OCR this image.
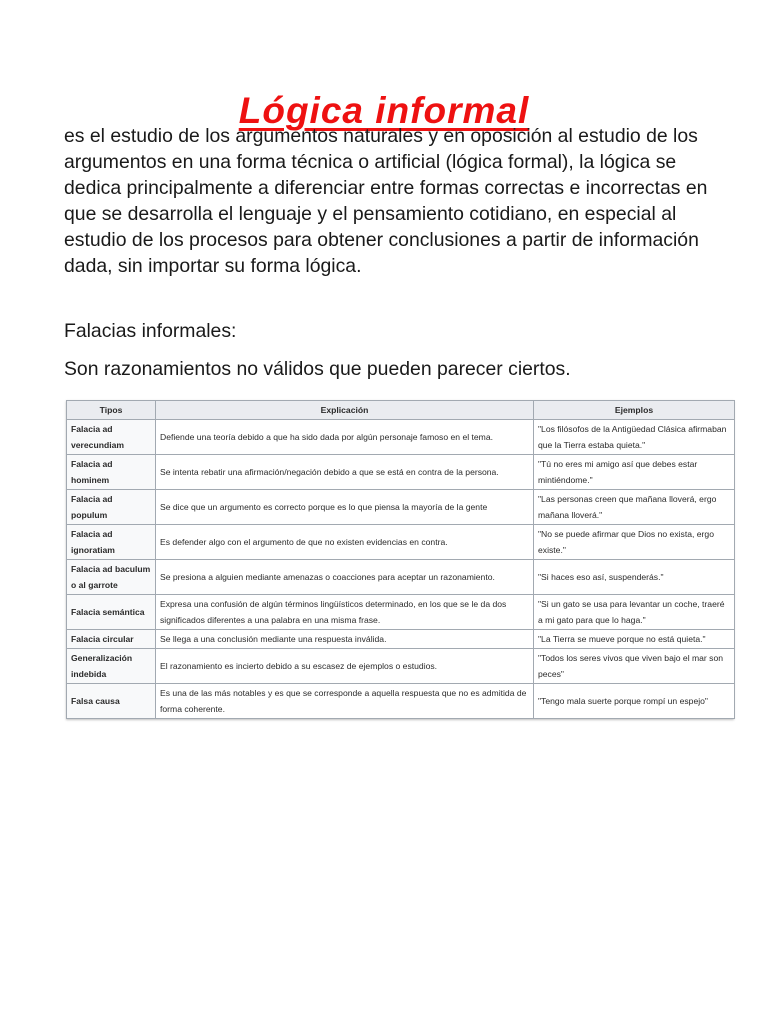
Lógica informal

es el estudio de los argumentos naturales y en oposición al estudio de los argumentos en una forma técnica o artificial (lógica formal), la lógica se dedica principalmente a diferenciar entre formas correctas e incorrectas en que se desarrolla el lenguaje y el pensamiento cotidiano, en especial al estudio de los procesos para obtener conclusiones a partir de información dada, sin importar su forma lógica.

Falacias informales:

Son razonamientos no válidos que pueden parecer ciertos.

Tipos	Explicación	Ejemplos
Falacia ad verecundiam	Defiende una teoría debido a que ha sido dada por algún personaje famoso en el tema.	"Los filósofos de la Antigüedad Clásica afirmaban que la Tierra estaba quieta."
Falacia ad hominem	Se intenta rebatir una afirmación/negación debido a que se está en contra de la persona.	"Tú no eres mi amigo así que debes estar mintiéndome."
Falacia ad populum	Se dice que un argumento es correcto porque es lo que piensa la mayoría de la gente	"Las personas creen que mañana lloverá, ergo mañana lloverá."
Falacia ad ignoratiam	Es defender algo con el argumento de que no existen evidencias en contra.	"No se puede afirmar que Dios no exista, ergo existe."
Falacia ad baculum o al garrote	Se presiona a alguien mediante amenazas o coacciones para aceptar un razonamiento.	"Si haces eso así, suspenderás."
Falacia semántica	Expresa una confusión de algún términos lingüísticos determinado, en los que se le da dos significados diferentes a una palabra en una misma frase.	"Si un gato se usa para levantar un coche, traeré a mi gato para que lo haga."
Falacia circular	Se llega a una conclusión mediante una respuesta inválida.	"La Tierra se mueve porque no está quieta."
Generalización indebida	El razonamiento es incierto debido a su escasez de ejemplos o estudios.	"Todos los seres vivos que viven bajo el mar son peces"
Falsa causa	Es una de las más notables y es que se corresponde a aquella respuesta que no es admitida de forma coherente.	"Tengo mala suerte porque rompí un espejo"
